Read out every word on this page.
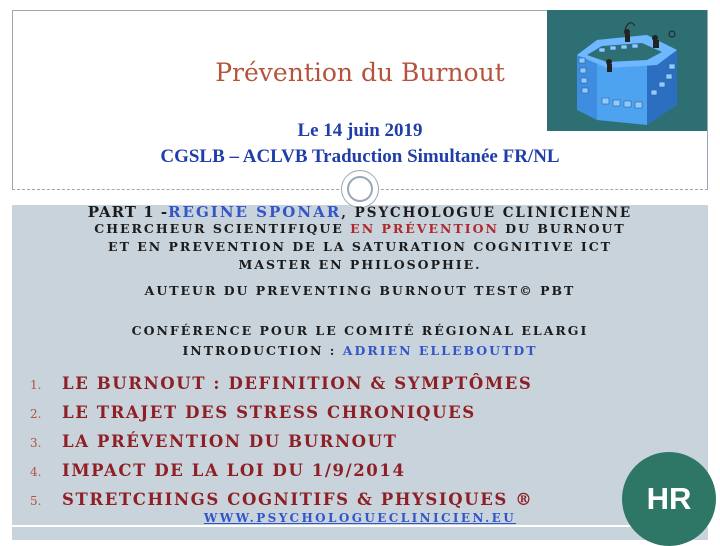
Prévention du Burnout
Le 14 juin 2019
CGSLB – ACLVB Traduction Simultanée FR/NL
PART 1 -REGINE SPONAR, PSYCHOLOGUE CLINICIENNE
CHERCHEUR SCIENTIFIQUE EN PRÉVENTION DU BURNOUT
ET EN PREVENTION DE LA SATURATION COGNITIVE ICT
MASTER EN PHILOSOPHIE.
AUTEUR DU PREVENTING BURNOUT TEST© PBT
CONFÉRENCE POUR LE COMITÉ RÉGIONAL ELARGI
INTRODUCTION : ADRIEN ELLEBOUTDT
1. LE BURNOUT : DEFINITION & SYMPTÔMES
2. LE TRAJET DES STRESS CHRONIQUES
3. LA PRÉVENTION DU BURNOUT
4. IMPACT DE LA LOI DU 1/9/2014
5. STRETCHINGS COGNITIFS & PHYSIQUES ®
WWW.PSYCHOLOGUECLINICIEN.EU
HR
